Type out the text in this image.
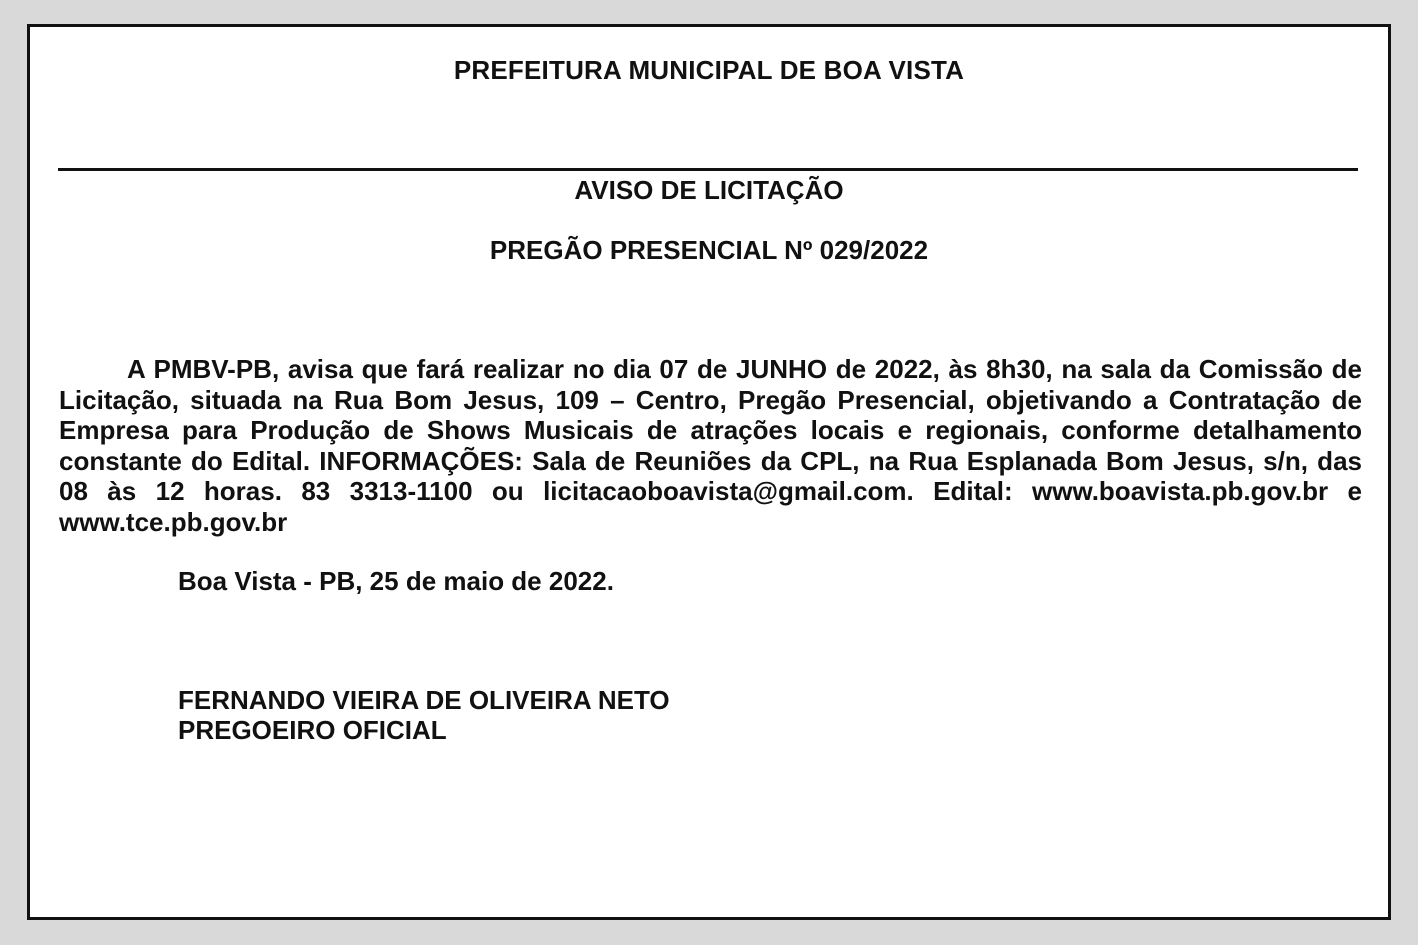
PREFEITURA MUNICIPAL DE BOA VISTA
AVISO DE LICITAÇÃO
PREGÃO PRESENCIAL Nº 029/2022

A PMBV-PB, avisa que fará realizar no dia 07 de JUNHO de 2022, às 8h30, na sala da Comissão de Licitação, situada na Rua Bom Jesus, 109 – Centro, Pregão Presencial, objetivando a Contratação de Empresa para Produção de Shows Musicais de atrações locais e regionais, conforme detalhamento constante do Edital. INFORMAÇÕES: Sala de Reuniões da CPL, na Rua Esplanada Bom Jesus, s/n, das 08 às 12 horas. 83 3313-1100 ou licitacaoboavista@gmail.com. Edital: www.boavista.pb.gov.br e www.tce.pb.gov.br

Boa Vista - PB, 25 de maio de 2022.

FERNANDO VIEIRA DE OLIVEIRA NETO
PREGOEIRO OFICIAL
